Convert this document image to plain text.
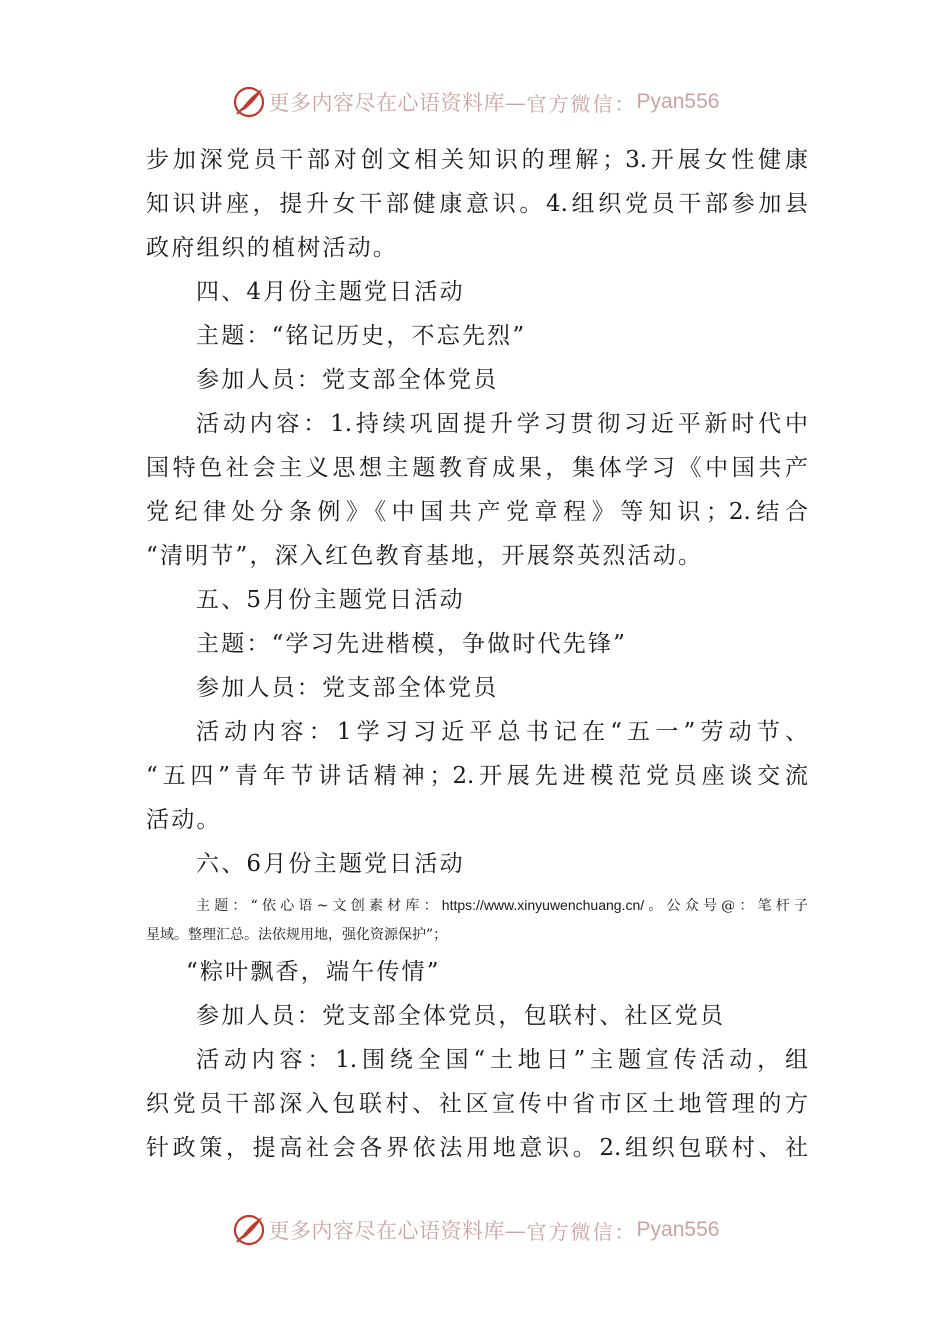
更多内容尽在心语资料库— 官方微信： Pyan556
步加深党员干部对创文相关知识的理解；3.开展女性健康
知识讲座，提升女干部健康意识。4.组织党员干部参加县
政府组织的植树活动。
四、4月份主题党日活动
主题：“铭记历史，不忘先烈”
参加人员：党支部全体党员
活动内容：1.持续巩固提升学习贯彻习近平新时代中
国特色社会主义思想主题教育成果，集体学习《中国共产
党纪律处分条例》《中国共产党章程》等知识；2.结合
“清明节”，深入红色教育基地，开展祭英烈活动。
五、5月份主题党日活动
主题：“学习先进楷模，争做时代先锋”
参加人员：党支部全体党员
活动内容：1学习习近平总书记在“五一”劳动节、
“五四”青年节讲话精神；2.开展先进模范党员座谈交流
活动。
六、6月份主题党日活动
主题：“依心语~文创素材库：https://www.xinyuwenchuang.cn/。公众号@：笔杆子
星域。整理汇总。法依规用地，强化资源保护”；
“粽叶飘香，端午传情”
参加人员：党支部全体党员，包联村、社区党员
活动内容：1.围绕全国“土地日”主题宣传活动，组
织党员干部深入包联村、社区宣传中省市区土地管理的方
针政策，提高社会各界依法用地意识。2.组织包联村、社
更多内容尽在心语资料库— 官方微信： Pyan556
